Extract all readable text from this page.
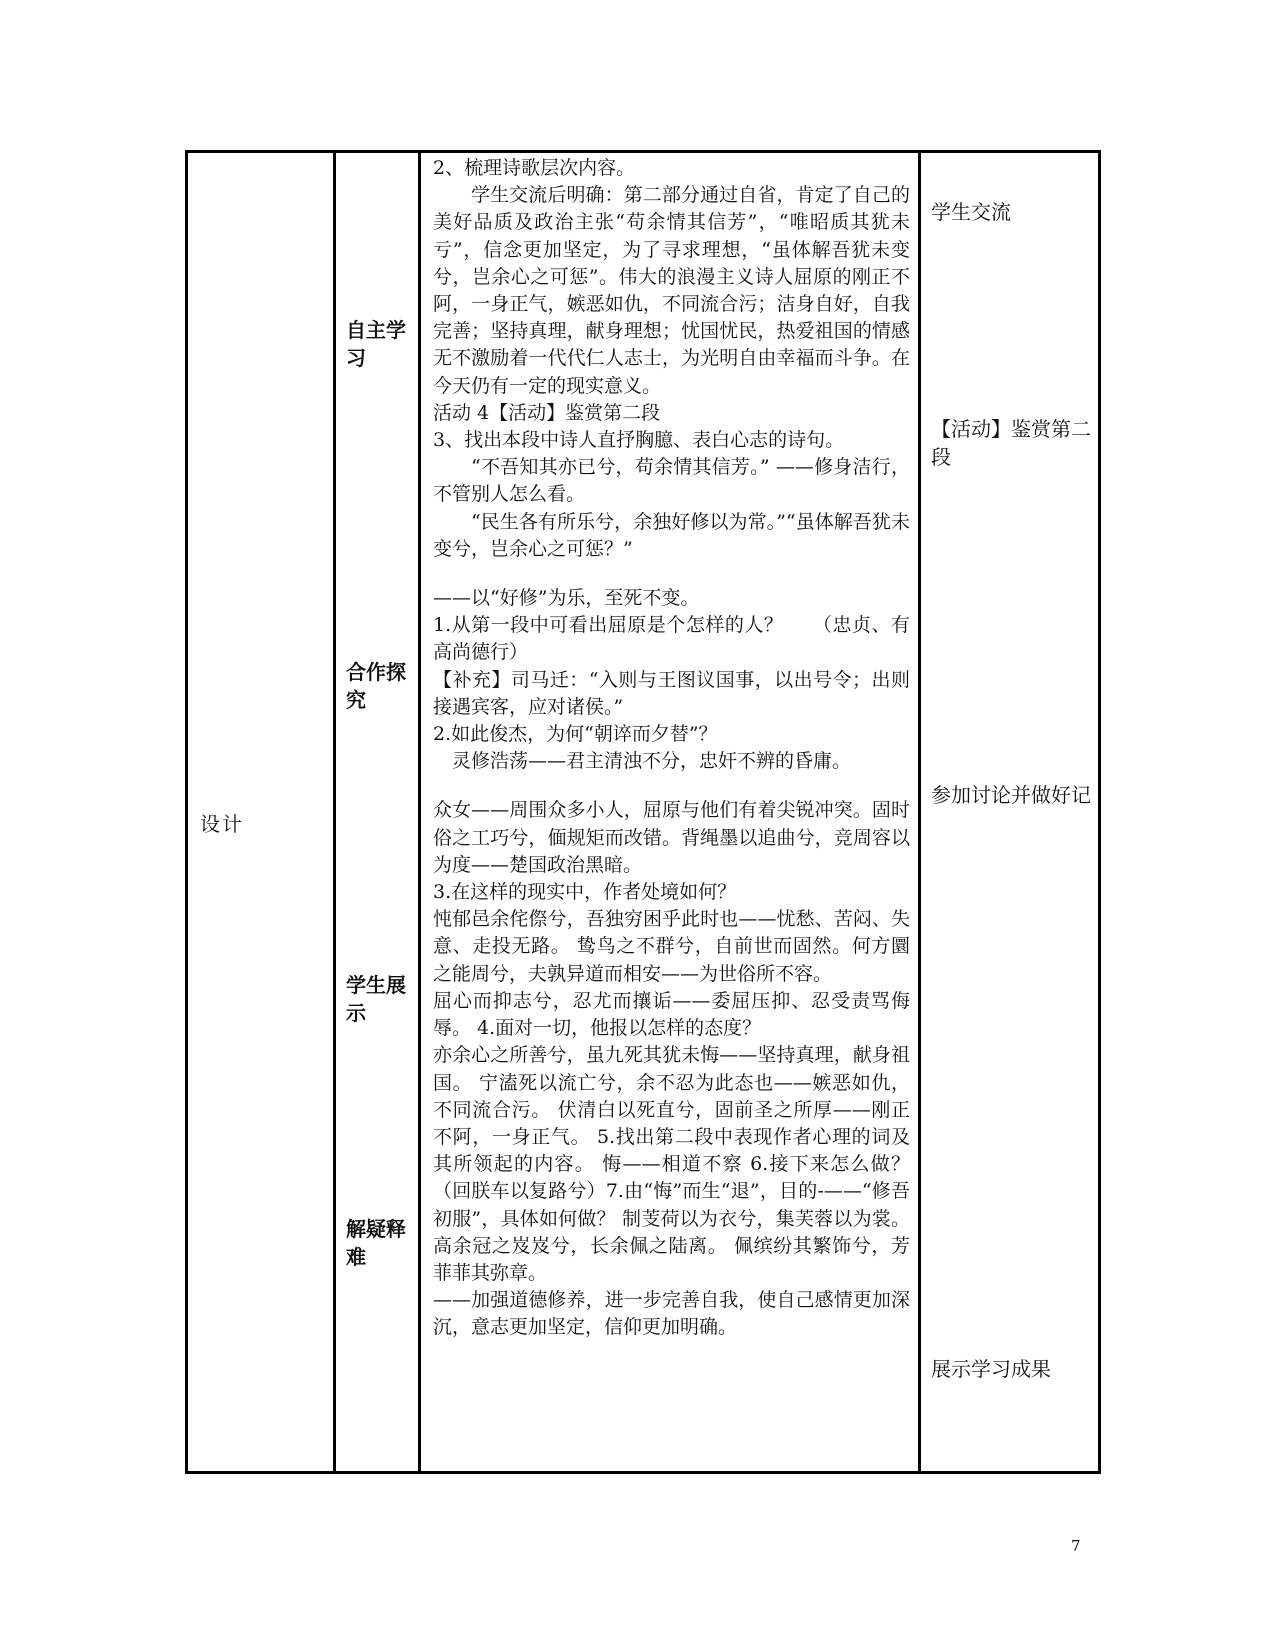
设计
自主学习
合作探究
学生展示
解疑释难

2、梳理诗歌层次内容。

学生交流后明确：第二部分通过自省，肯定了自己的美好品质及政治主张“苟余情其信芳”，“唯昭质其犹未亏”，信念更加坚定，为了寻求理想，“虽体解吾犹未变兮，岂余心之可惩”。伟大的浪漫主义诗人屈原的刚正不阿，一身正气，嫉恶如仇，不同流合污；洁身自好，自我完善；坚持真理，献身理想；忧国忧民，热爱祖国的情感无不激励着一代代仁人志士，为光明自由幸福而斗争。在今天仍有一定的现实意义。

活动 4【活动】鉴赏第二段

3、找出本段中诗人直抒胸臆、表白心志的诗句。

“不吾知其亦已兮，苟余情其信芳。” ——修身洁行，不管别人怎么看。

“民生各有所乐兮，余独好修以为常。”“虽体解吾犹未变兮，岂余心之可惩？”

——以“好修”为乐，至死不变。

1.从第一段中可看出屈原是个怎样的人？　　（忠贞、有高尚德行）

【补充】司马迁：“入则与王图议国事，以出号令；出则接遇宾客，应对诸侯。”

2.如此俊杰，为何“朝谇而夕替”？

灵修浩荡——君主清浊不分，忠奸不辨的昏庸。

众女——周围众多小人，屈原与他们有着尖锐冲突。固时俗之工巧兮，偭规矩而改错。背绳墨以追曲兮，竞周容以为度——楚国政治黑暗。

3.在这样的现实中，作者处境如何？

忳郁邑余侘傺兮，吾独穷困乎此时也——忧愁、苦闷、失意、走投无路。 鸷鸟之不群兮，自前世而固然。何方圜之能周兮，夫孰异道而相安——为世俗所不容。

屈心而抑志兮，忍尤而攘诟——委屈压抑、忍受责骂侮辱。 4.面对一切，他报以怎样的态度？

亦余心之所善兮，虽九死其犹未悔——坚持真理，献身祖国。 宁溘死以流亡兮，余不忍为此态也——嫉恶如仇，不同流合污。 伏清白以死直兮，固前圣之所厚——刚正不阿，一身正气。 5.找出第二段中表现作者心理的词及其所领起的内容。 悔——相道不察 6.接下来怎么做？ （回朕车以复路兮）7.由“悔”而生“退”，目的-——“修吾初服”，具体如何做？ 制芰荷以为衣兮，集芙蓉以为裳。 高余冠之岌岌兮，长余佩之陆离。 佩缤纷其繁饰兮，芳菲菲其弥章。

——加强道德修养，进一步完善自我，使自己感情更加深沉，意志更加坚定，信仰更加明确。

学生交流
【活动】鉴赏第二段
参加讨论并做好记
展示学习成果
7
